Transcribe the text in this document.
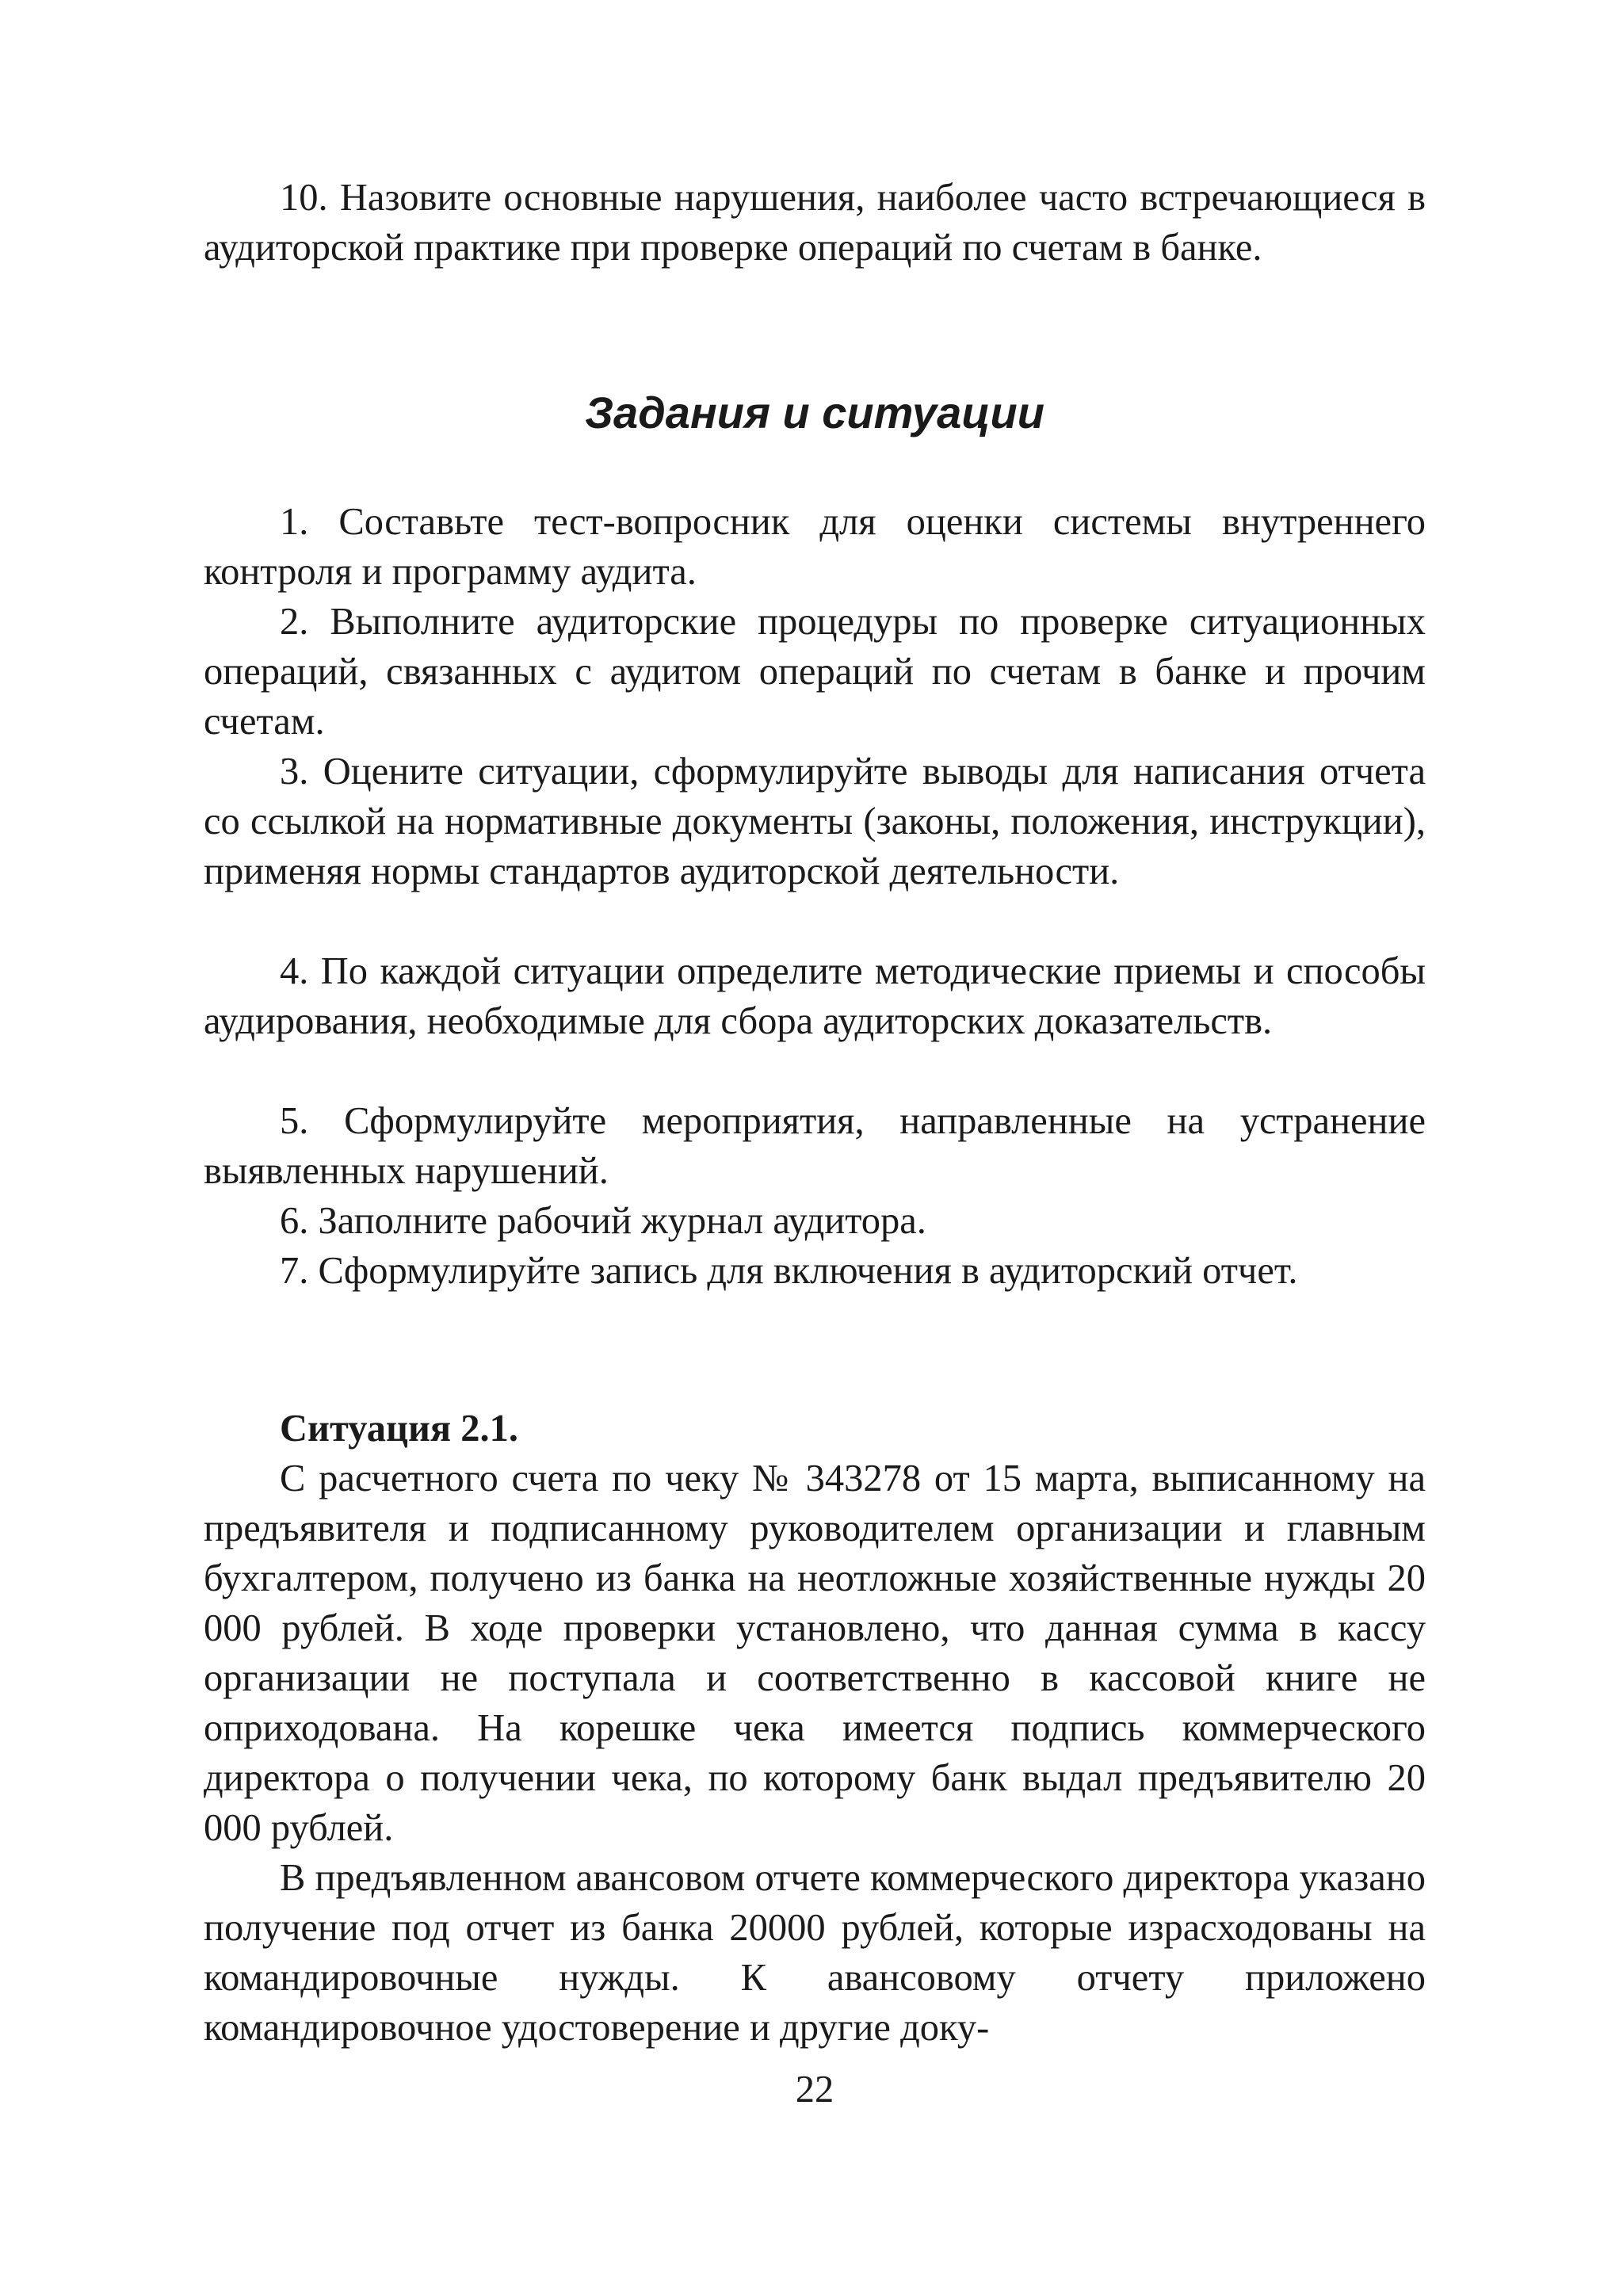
10. Назовите основные нарушения, наиболее часто встречающиеся в аудиторской практике при проверке операций по счетам в банке.

Задания и ситуации

1. Составьте тест-вопросник для оценки системы внутреннего контроля и программу аудита.

2. Выполните аудиторские процедуры по проверке ситуационных операций, связанных с аудитом операций по счетам в банке и прочим счетам.

3. Оцените ситуации, сформулируйте выводы для написания отчета со ссылкой на нормативные документы (законы, положения, инструкции), применяя нормы стандартов аудиторской деятельности.

4. По каждой ситуации определите методические приемы и способы аудирования, необходимые для сбора аудиторских доказательств.

5. Сформулируйте мероприятия, направленные на устранение выявленных нарушений.

6. Заполните рабочий журнал аудитора.

7. Сформулируйте запись для включения в аудиторский отчет.

Ситуация 2.1.

С расчетного счета по чеку № 343278 от 15 марта, выписанному на предъявителя и подписанному руководителем организации и главным бухгалтером, получено из банка на неотложные хозяйственные нужды 20 000 рублей. В ходе проверки установлено, что данная сумма в кассу организации не поступала и соответственно в кассовой книге не оприходована. На корешке чека имеется подпись коммерческого директора о получении чека, по которому банк выдал предъявителю 20 000 рублей.

В предъявленном авансовом отчете коммерческого директора указано получение под отчет из банка 20000 рублей, которые израсходованы на командировочные нужды. К авансовому отчету приложено командировочное удостоверение и другие доку-

22
